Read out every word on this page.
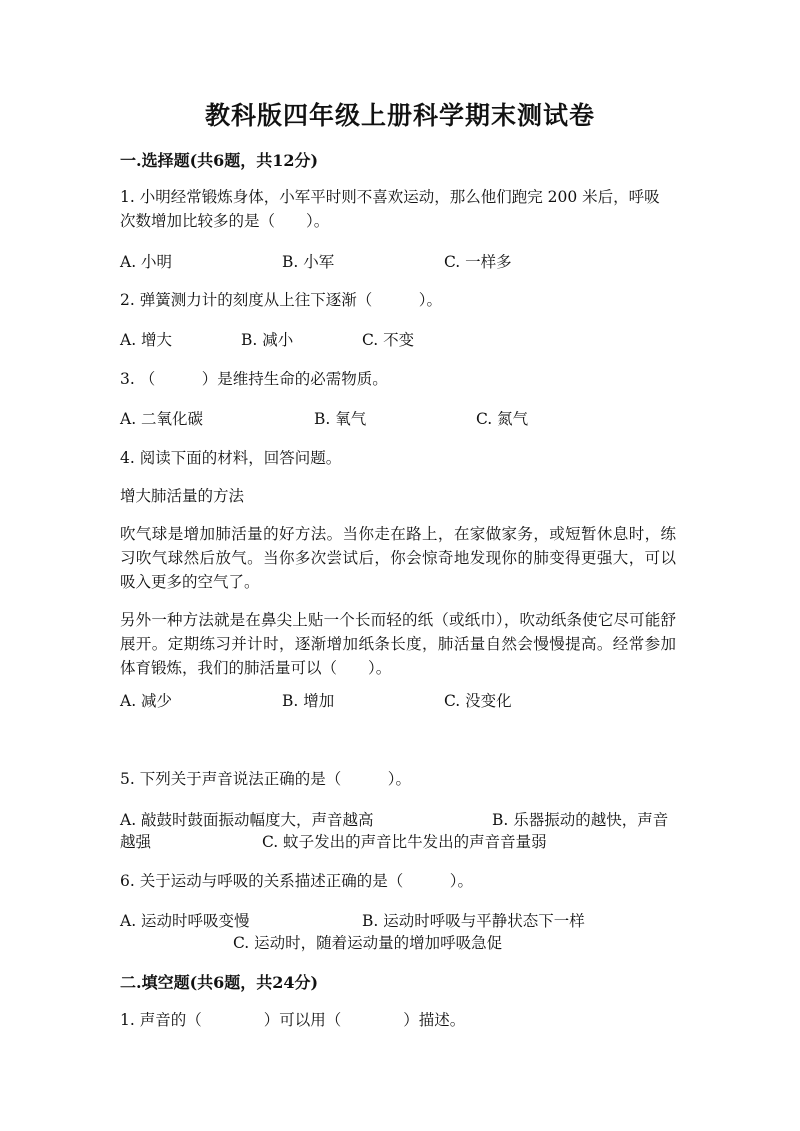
教科版四年级上册科学期末测试卷
一.选择题(共6题，共12分)
1. 小明经常锻炼身体，小军平时则不喜欢运动，那么他们跑完 200 米后，呼吸
次数增加比较多的是（　　）。
A. 小明	B. 小军	C. 一样多
2. 弹簧测力计的刻度从上往下逐渐（　　　）。
A. 增大	B. 减小	C. 不变
3. （　　　）是维持生命的必需物质。
A. 二氧化碳	B. 氧气	C. 氮气
4. 阅读下面的材料，回答问题。
增大肺活量的方法
吹气球是增加肺活量的好方法。当你走在路上，在家做家务，或短暂休息时，练习吹气球然后放气。当你多次尝试后，你会惊奇地发现你的肺变得更强大，可以吸入更多的空气了。
另外一种方法就是在鼻尖上贴一个长而轻的纸（或纸巾），吹动纸条使它尽可能舒展开。定期练习并计时，逐渐增加纸条长度，肺活量自然会慢慢提高。经常参加体育锻炼，我们的肺活量可以（　　）。
A. 减少	B. 增加	C. 没变化
5. 下列关于声音说法正确的是（　　　）。
A. 敲鼓时鼓面振动幅度大，声音越高	B. 乐器振动的越快，声音
越强	C. 蚊子发出的声音比牛发出的声音音量弱
6. 关于运动与呼吸的关系描述正确的是（　　　）。
A. 运动时呼吸变慢	B. 运动时呼吸与平静状态下一样
C. 运动时，随着运动量的增加呼吸急促
二.填空题(共6题，共24分)
1. 声音的（　　　　）可以用（　　　　）描述。
